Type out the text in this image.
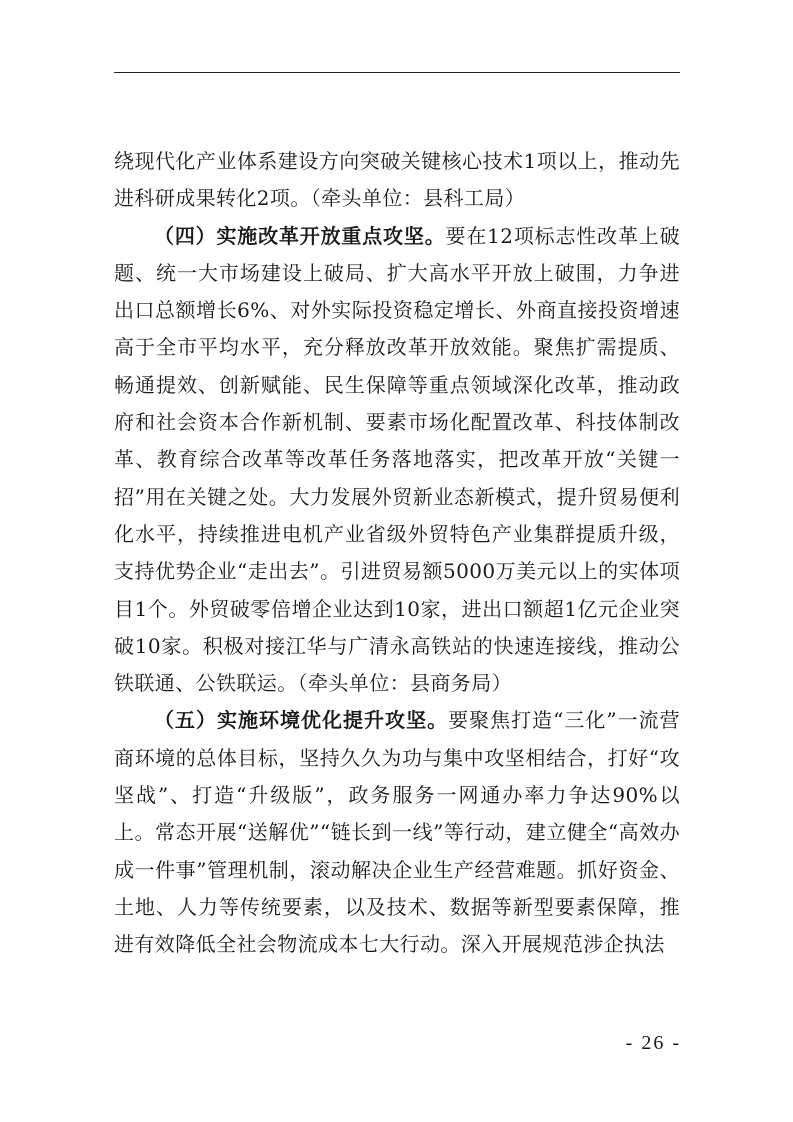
绕现代化产业体系建设方向突破关键核心技术1项以上，推动先进科研成果转化2项。（牵头单位：县科工局）

（四）实施改革开放重点攻坚。要在12项标志性改革上破题、统一大市场建设上破局、扩大高水平开放上破围，力争进出口总额增长6%、对外实际投资稳定增长、外商直接投资增速高于全市平均水平，充分释放改革开放效能。聚焦扩需提质、畅通提效、创新赋能、民生保障等重点领域深化改革，推动政府和社会资本合作新机制、要素市场化配置改革、科技体制改革、教育综合改革等改革任务落地落实，把改革开放“关键一招”用在关键之处。大力发展外贸新业态新模式，提升贸易便利化水平，持续推进电机产业省级外贸特色产业集群提质升级，支持优势企业“走出去”。引进贸易额5000万美元以上的实体项目1个。外贸破零倍增企业达到10家，进出口额超1亿元企业突破10家。积极对接江华与广清永高铁站的快速连接线，推动公铁联通、公铁联运。（牵头单位：县商务局）

（五）实施环境优化提升攻坚。要聚焦打造“三化”一流营商环境的总体目标，坚持久久为功与集中攻坚相结合，打好“攻坚战”、打造“升级版”，政务服务一网通办率力争达90%以上。常态开展“送解优”“链长到一线”等行动，建立健全“高效办成一件事”管理机制，滚动解决企业生产经营难题。抓好资金、土地、人力等传统要素，以及技术、数据等新型要素保障，推进有效降低全社会物流成本七大行动。深入开展规范涉企执法

- 26 -
